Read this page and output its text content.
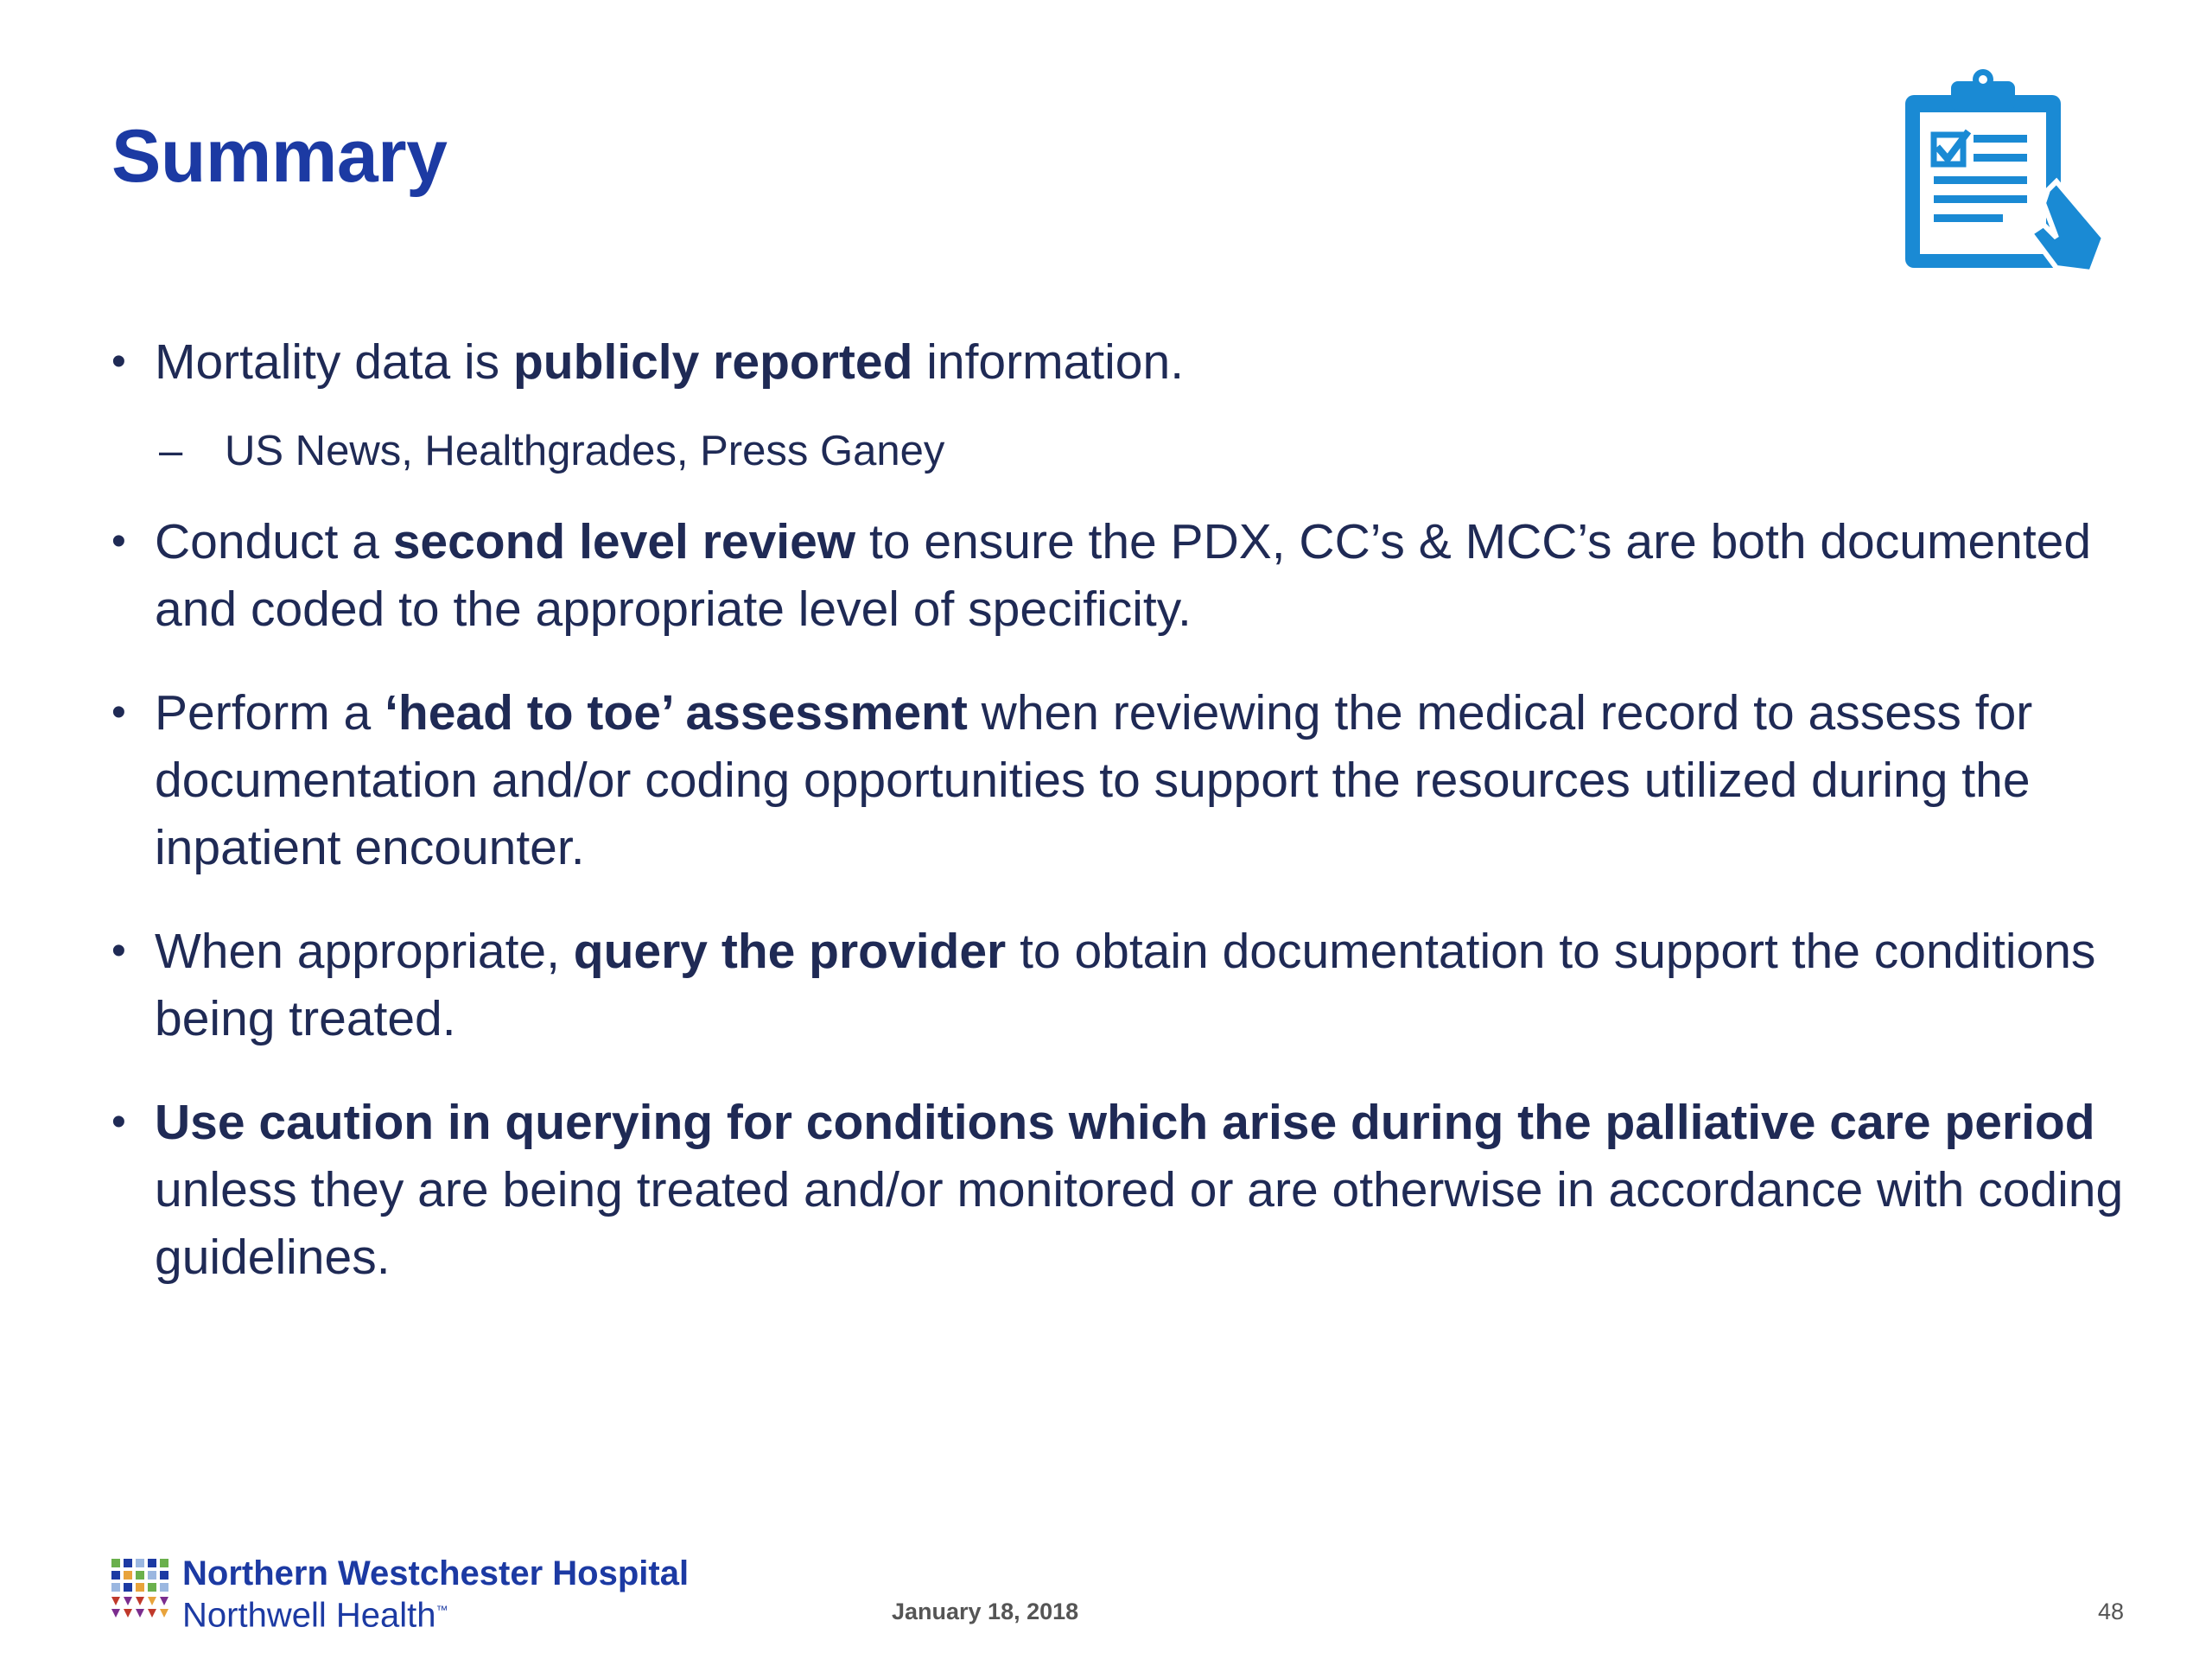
Summary
• Mortality data is publicly reported information.
– US News, Healthgrades, Press Ganey
• Conduct a second level review to ensure the PDX, CC’s & MCC’s are both documented and coded to the appropriate level of specificity.
• Perform a ‘head to toe’ assessment when reviewing the medical record to assess for documentation and/or coding opportunities to support the resources utilized during the inpatient encounter.
• When appropriate, query the provider to obtain documentation to support the conditions being treated.
• Use caution in querying for conditions which arise during the palliative care period unless they are being treated and/or monitored or are otherwise in accordance with coding guidelines.
Northern Westchester Hospital
Northwell Health™	January 18, 2018	48
